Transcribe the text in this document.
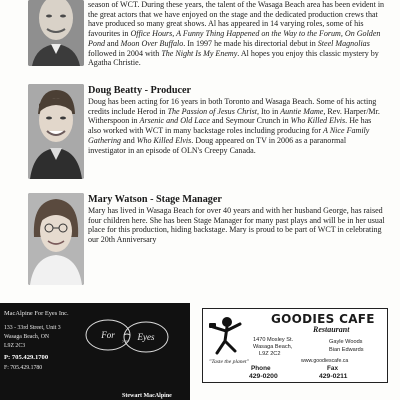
season of WCT. During these years, the talent of the Wasaga Beach area has been evident in the great actors that we have enjoyed on the stage and the dedicated production crews that have produced so many great shows. Al has appeared in 14 varying roles, some of his favourites in Office Hours, A Funny Thing Happened on the Way to the Forum, On Golden Pond and Moon Over Buffalo. In 1997 he made his directorial debut in Steel Magnolias followed in 2004 with The Night Is My Enemy. Al hopes you enjoy this classic mystery by Agatha Christie.

Doug Beatty - Producer

Doug has been acting for 16 years in both Toronto and Wasaga Beach. Some of his acting credits include Herod in The Passion of Jesus Christ, Ito in Auntie Mame, Rev. Harper/Mr. Witherspoon in Arsenic and Old Lace and Seymour Crunch in Who Killed Elvis. He has also worked with WCT in many backstage roles including producing for A Nice Family Gathering and Who Killed Elvis. Doug appeared on TV in 2006 as a paranormal investigator in an episode of OLN's Creepy Canada.

Mary Watson - Stage Manager

Mary has lived in Wasaga Beach for over 40 years and with her husband George, has raised four children here. She has been Stage Manager for many past plays and will be in her usual place for this production, hiding backstage. Mary is proud to be part of WCT in celebrating our 20th Anniversary

MacAlpine For Eyes Inc.
133 - 33rd Street, Unit 3
Wasaga Beach, ON
L9Z 2C3
P: 705.429.1700
F: 705.429.1780
For
your Eyes
Stewart MacAlpine
"Taste the planet"
GOODIES CAFE
Restaurant
1470 Mosley St.
Wasaga Beach,
L9Z 2C2
Gayle Woods
Bian Edwards
www.goodiescafe.ca
Phone
429-0200
Fax
429-0211
